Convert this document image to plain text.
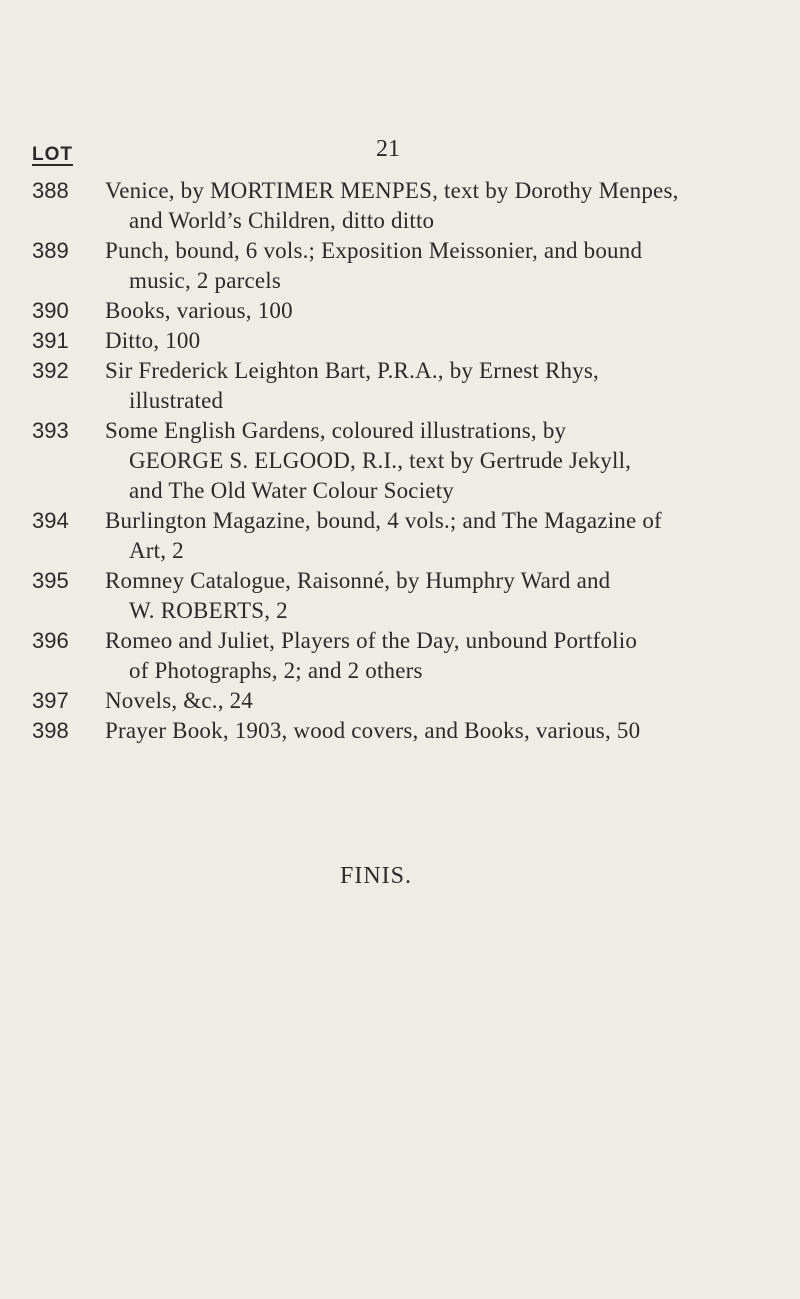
21
LOT
388 Venice, by MORTIMER MENPES, text by Dorothy Menpes,
and World’s Children, ditto ditto
389 Punch, bound, 6 vols.; Exposition Meissonier, and bound
music, 2 parcels
390 Books, various, 100
391 Ditto, 100
392 Sir Frederick Leighton Bart, P.R.A., by Ernest Rhys,
illustrated
393 Some English Gardens, coloured illustrations, by
GEORGE S. ELGOOD, R.I., text by Gertrude Jekyll,
and The Old Water Colour Society
394 Burlington Magazine, bound, 4 vols.; and The Magazine of
Art, 2
395 Romney Catalogue, Raisonné, by Humphry Ward and
W. ROBERTS, 2
396 Romeo and Juliet, Players of the Day, unbound Portfolio
of Photographs, 2; and 2 others
397 Novels, &c., 24
398 Prayer Book, 1903, wood covers, and Books, various, 50
FINIS.
